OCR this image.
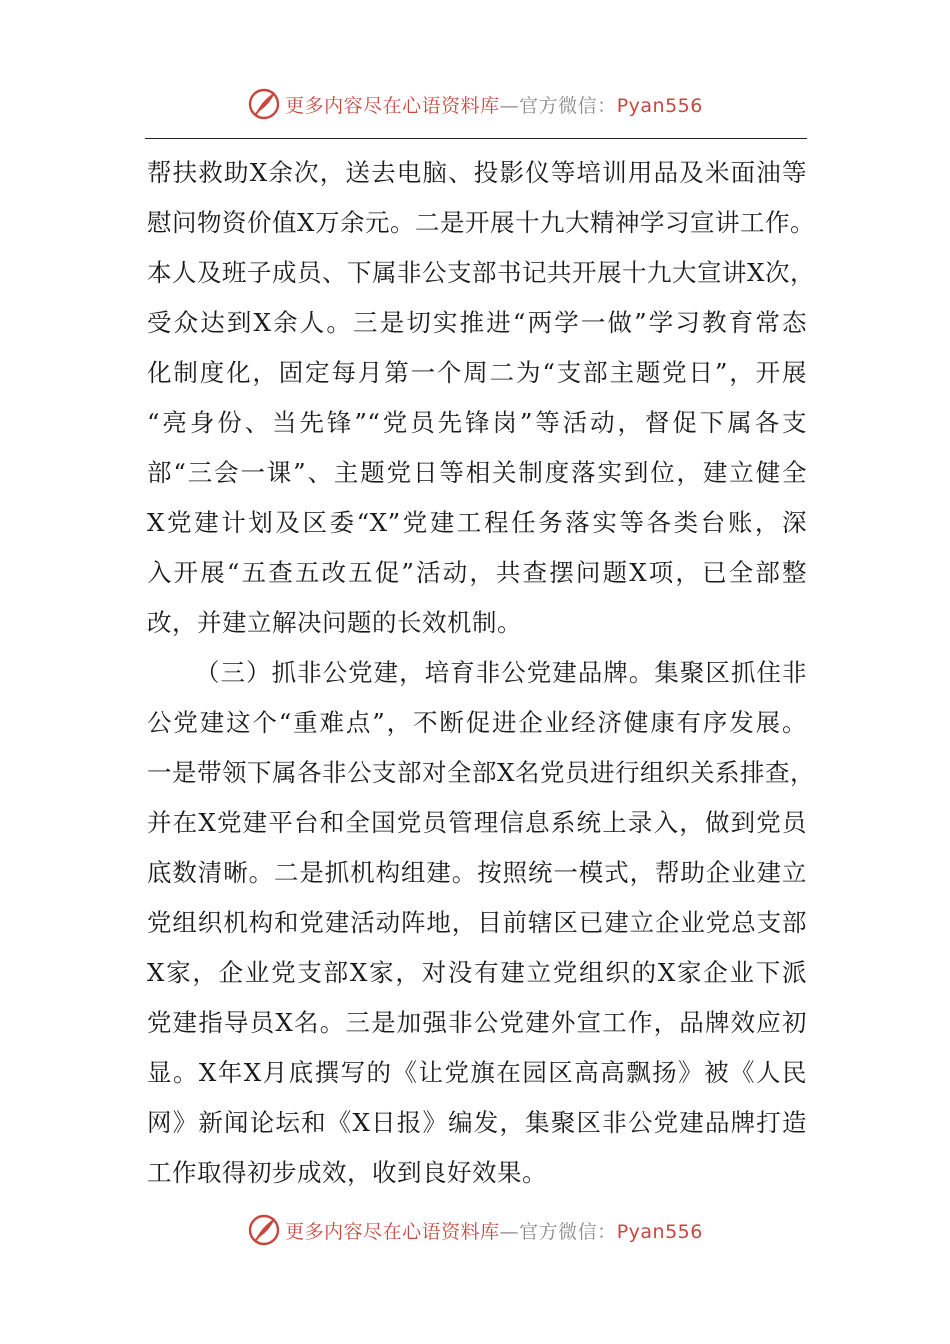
更多内容尽在心语资料库—官方微信：Pyan556
帮扶救助X余次，送去电脑、投影仪等培训用品及米面油等
慰问物资价值X万余元。二是开展十九大精神学习宣讲工作。
本人及班子成员、下属非公支部书记共开展十九大宣讲X次，
受众达到X余人。三是切实推进“两学一做”学习教育常态
化制度化，固定每月第一个周二为“支部主题党日”，开展
“亮身份、当先锋”“党员先锋岗”等活动，督促下属各支
部“三会一课”、主题党日等相关制度落实到位，建立健全
X党建计划及区委“X”党建工程任务落实等各类台账，深
入开展“五查五改五促”活动，共查摆问题X项，已全部整
改，并建立解决问题的长效机制。
（三）抓非公党建，培育非公党建品牌。集聚区抓住非
公党建这个“重难点”，不断促进企业经济健康有序发展。
一是带领下属各非公支部对全部X名党员进行组织关系排查，
并在X党建平台和全国党员管理信息系统上录入，做到党员
底数清晰。二是抓机构组建。按照统一模式，帮助企业建立
党组织机构和党建活动阵地，目前辖区已建立企业党总支部
X家，企业党支部X家，对没有建立党组织的X家企业下派
党建指导员X名。三是加强非公党建外宣工作，品牌效应初
显。X年X月底撰写的《让党旗在园区高高飘扬》被《人民
网》新闻论坛和《X日报》编发，集聚区非公党建品牌打造
工作取得初步成效，收到良好效果。
更多内容尽在心语资料库—官方微信：Pyan556
